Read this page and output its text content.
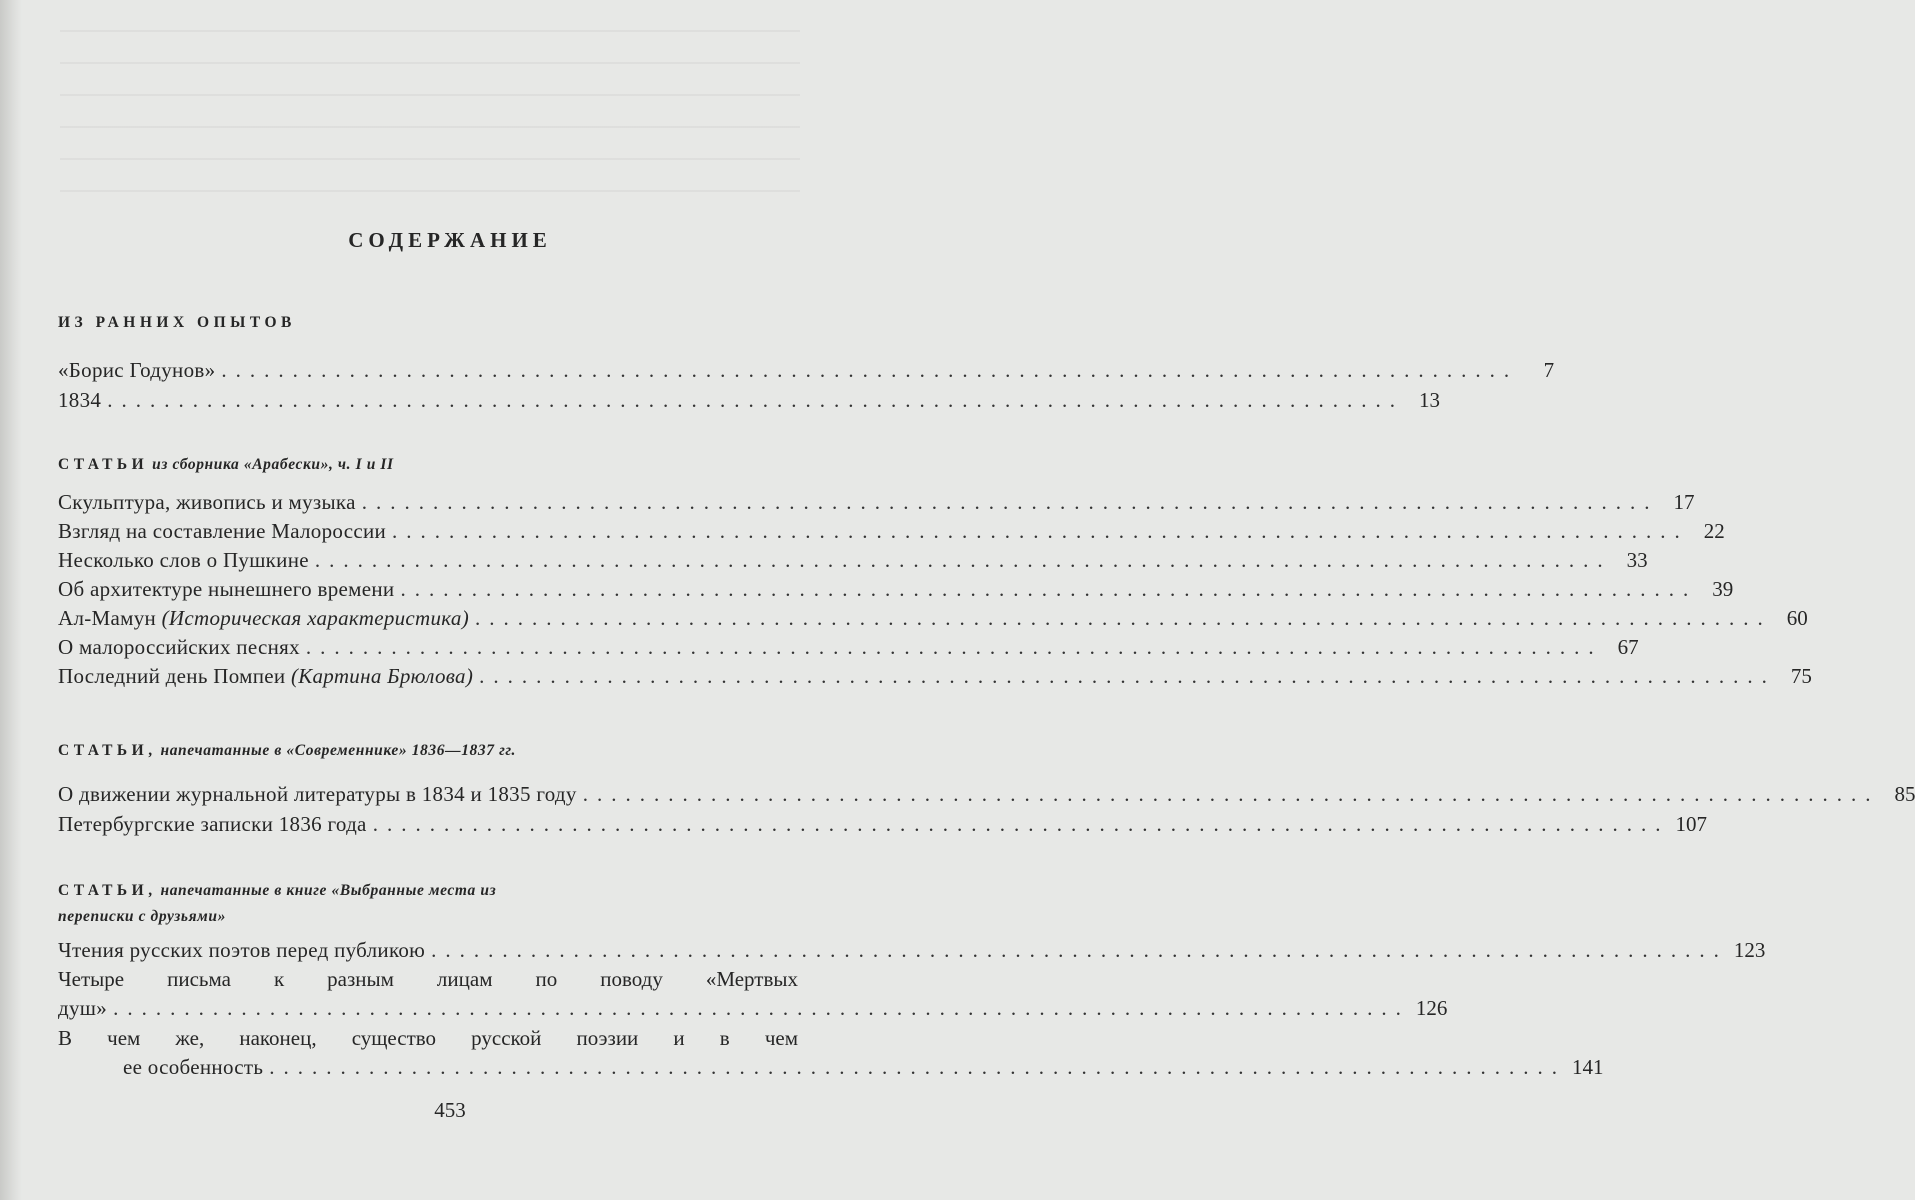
СОДЕРЖАНИЕ
ИЗ РАННИХ ОПЫТОВ
«Борис Годунов» ...........................................................................................	7
1834 ........................................................................................... 13
СТАТЬИ из сборника «Арабески», ч. I и II
Скульптура, живопись и музыка ........................................................................................... 17
Взгляд на составление Малороссии ........................................................................................... 22
Несколько слов о Пушкине ........................................................................................... 33
Об архитектуре нынешнего времени ........................................................................................... 39
Ал-Мамун (Историческая характеристика) ........................................................................................... 60
О малороссийских песнях ........................................................................................... 67
Последний день Помпеи (Картина Брюлова) ........................................................................................... 75
СТАТЬИ, напечатанные в «Современнике» 1836—1837 гг.
О движении журнальной литературы в 1834 и 1835 году ........................................................................................... 85
Петербургские записки 1836 года ........................................................................................... 107
СТАТЬИ, напечатанные в книге «Выбранные места из
переписки с друзьями»
Чтения русских поэтов перед публикою ........................................................................................... 123
Четыре письма к разным лицам по поводу «Мертвых
душ» ........................................................................................... 126
В чем же, наконец, существо русской поэзии и в чем
ее особенность ........................................................................................... 141
453
